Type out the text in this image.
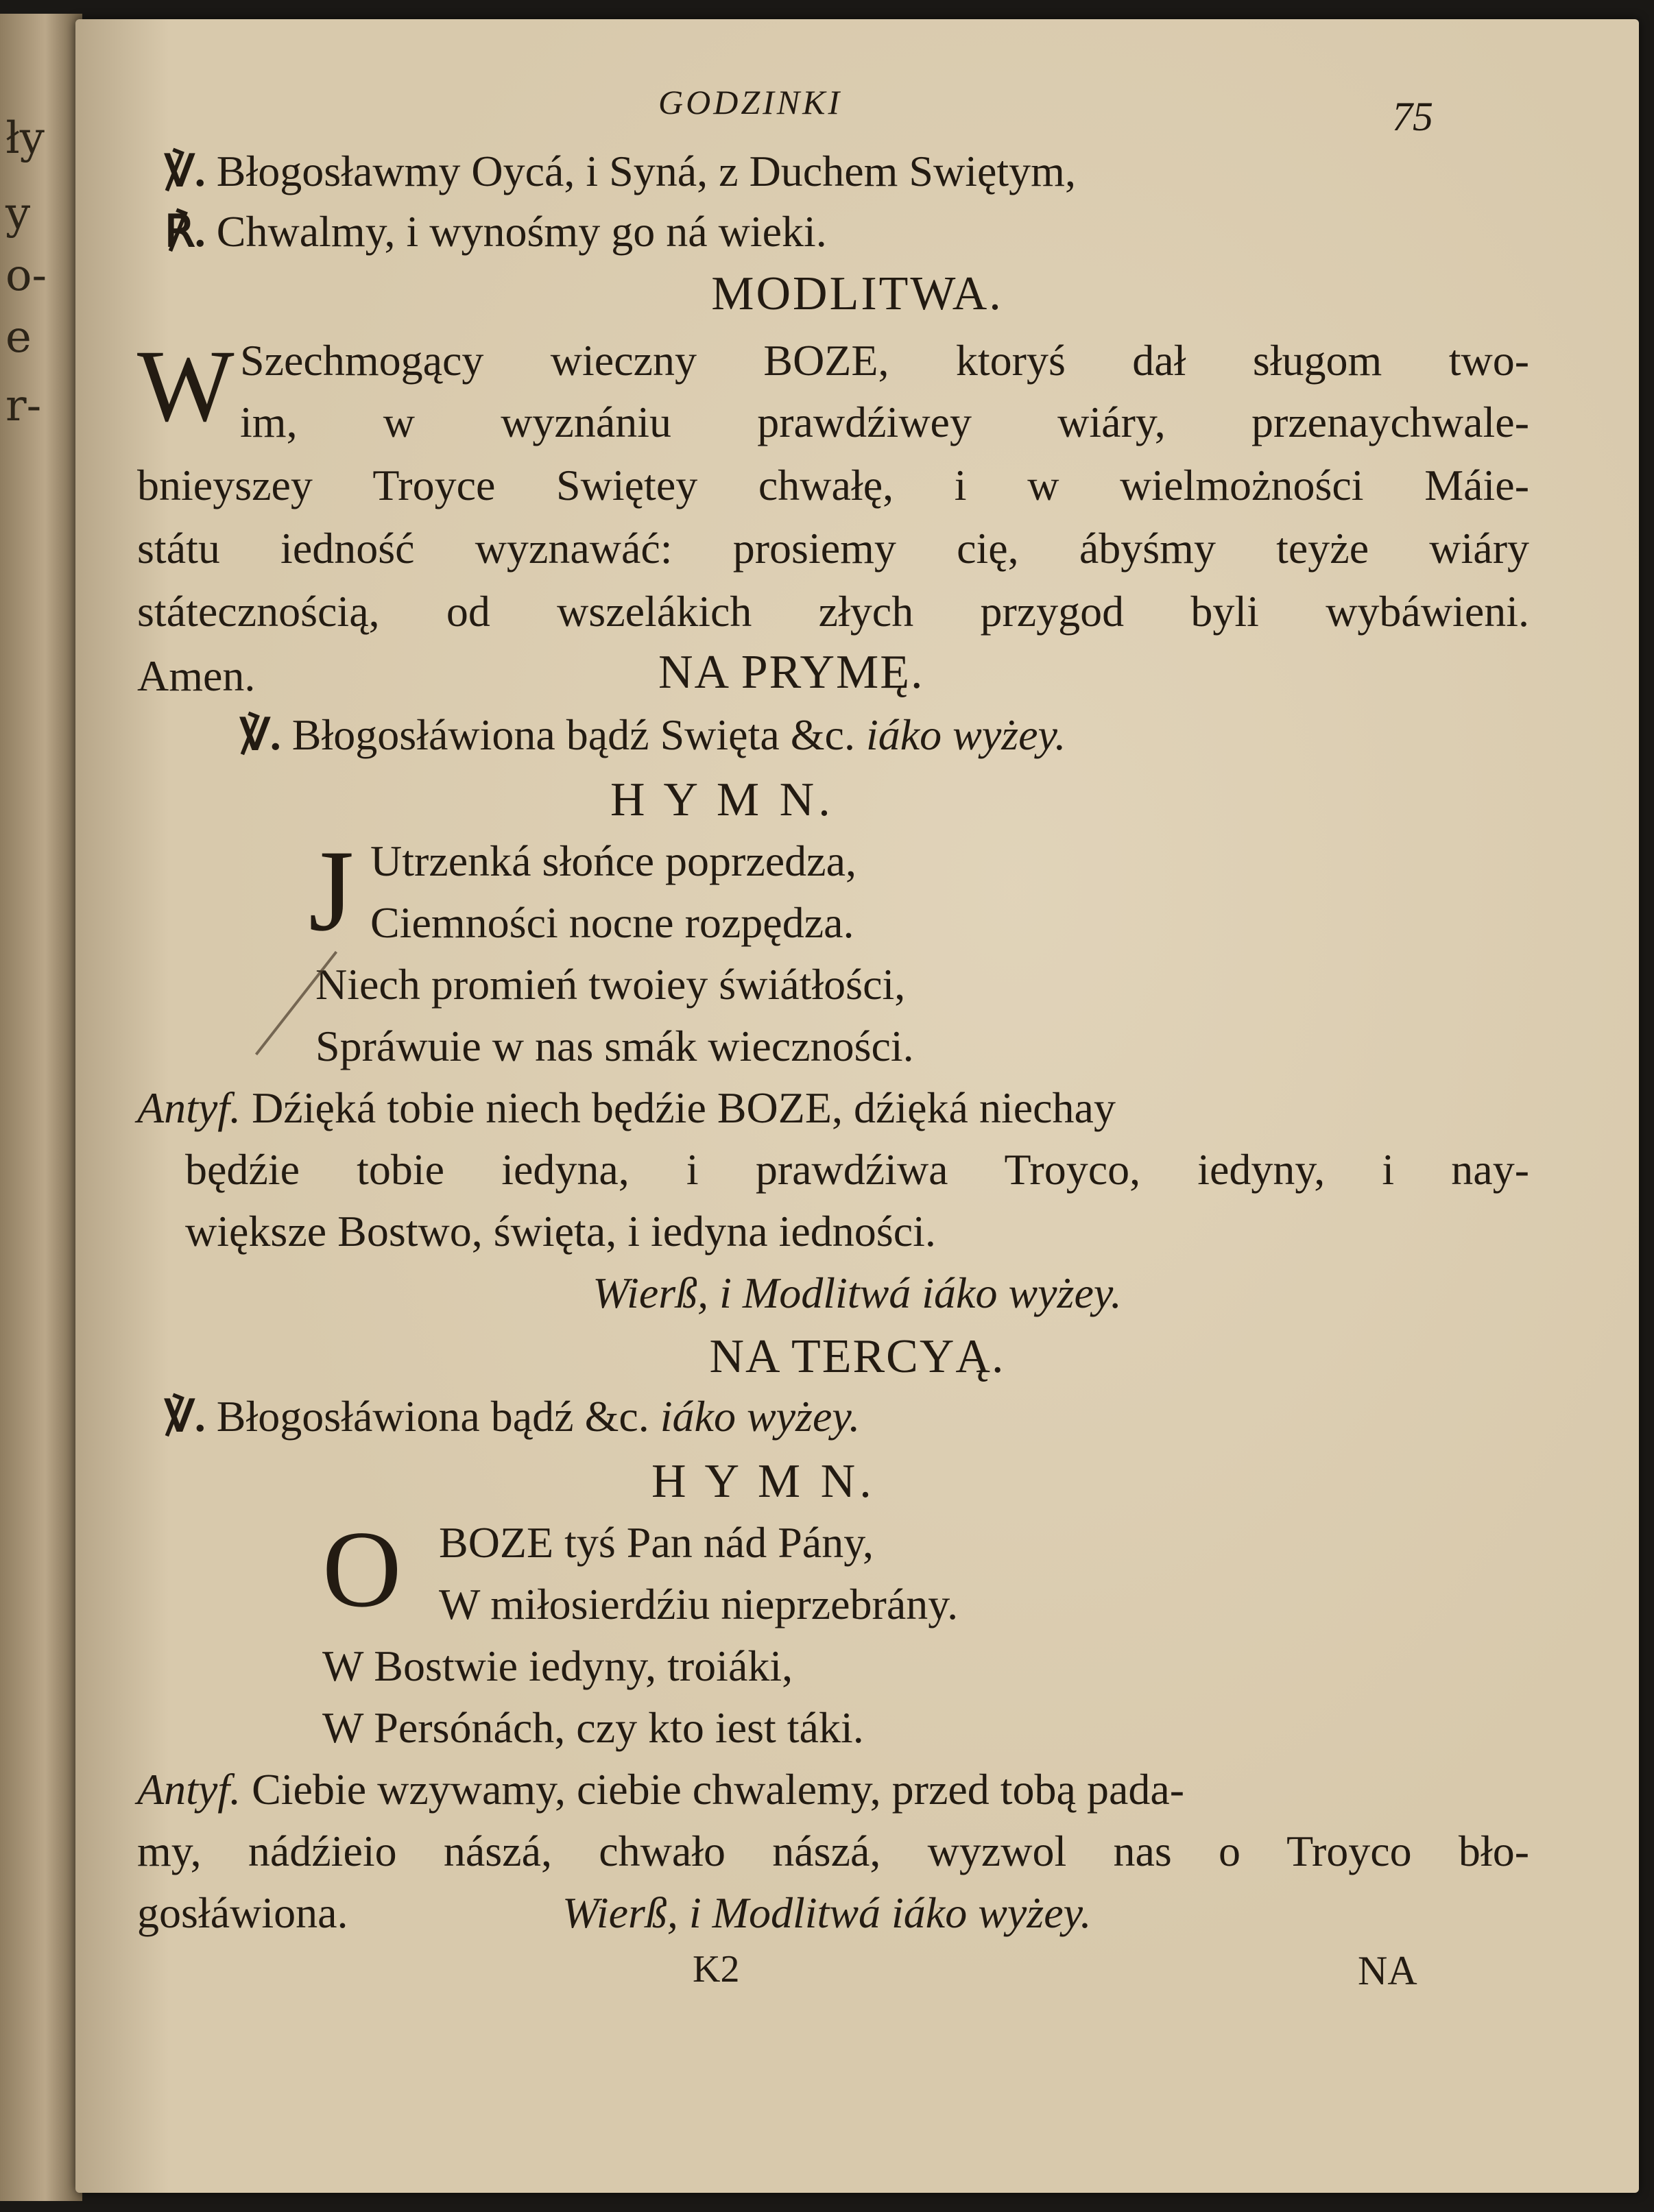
ły
y
o-
e
r-
GODZINKI	75
℣. Błogosławmy Oycá, i Syná, z Duchem Swiętym,
℟. Chwalmy, i wynośmy go ná wieki.
MODLITWA.
W Szechmogący wieczny BOZE, ktoryś dał sługom two-
im, w wyznániu prawdźiwey wiáry, przenaychwale-
bnieyszey Troyce Swiętey chwałę, i w wielmożności Máie-
státu iedność wyznawáć: prosiemy cię, ábyśmy teyże wiáry
státecznością, od wszelákich złych przygod byli wybáwieni.
Amen.	NA PRYMĘ.
℣. Błogosłáwiona bądź Swięta &c. iáko wyżey.
H Y M N.
J Utrzenká słońce poprzedza,
Ciemności nocne rozpędza.
Niech promień twoiey świátłości,
Spráwuie w nas smák wieczności.
Antyf. Dźięká tobie niech będźie BOZE, dźięká niechay
będźie tobie iedyna, i prawdźiwa Troyco, iedyny, i nay-
większe Bostwo, święta, i iedyna iedności.
Wierß, i Modlitwá iáko wyżey.
NA TERCYĄ.
℣. Błogosłáwiona bądź &c. iáko wyżey.
H Y M N.
O BOZE tyś Pan nád Pány,
W miłosierdźiu nieprzebrány.
W Bostwie iedyny, troiáki,
W Persónách, czy kto iest táki.
Antyf. Ciebie wzywamy, ciebie chwalemy, przed tobą pada-
my, nádźieio nászá, chwało nászá, wyzwol nas o Troyco bło-
gosłáwiona.	Wierß, i Modlitwá iáko wyżey.
K2	NA
